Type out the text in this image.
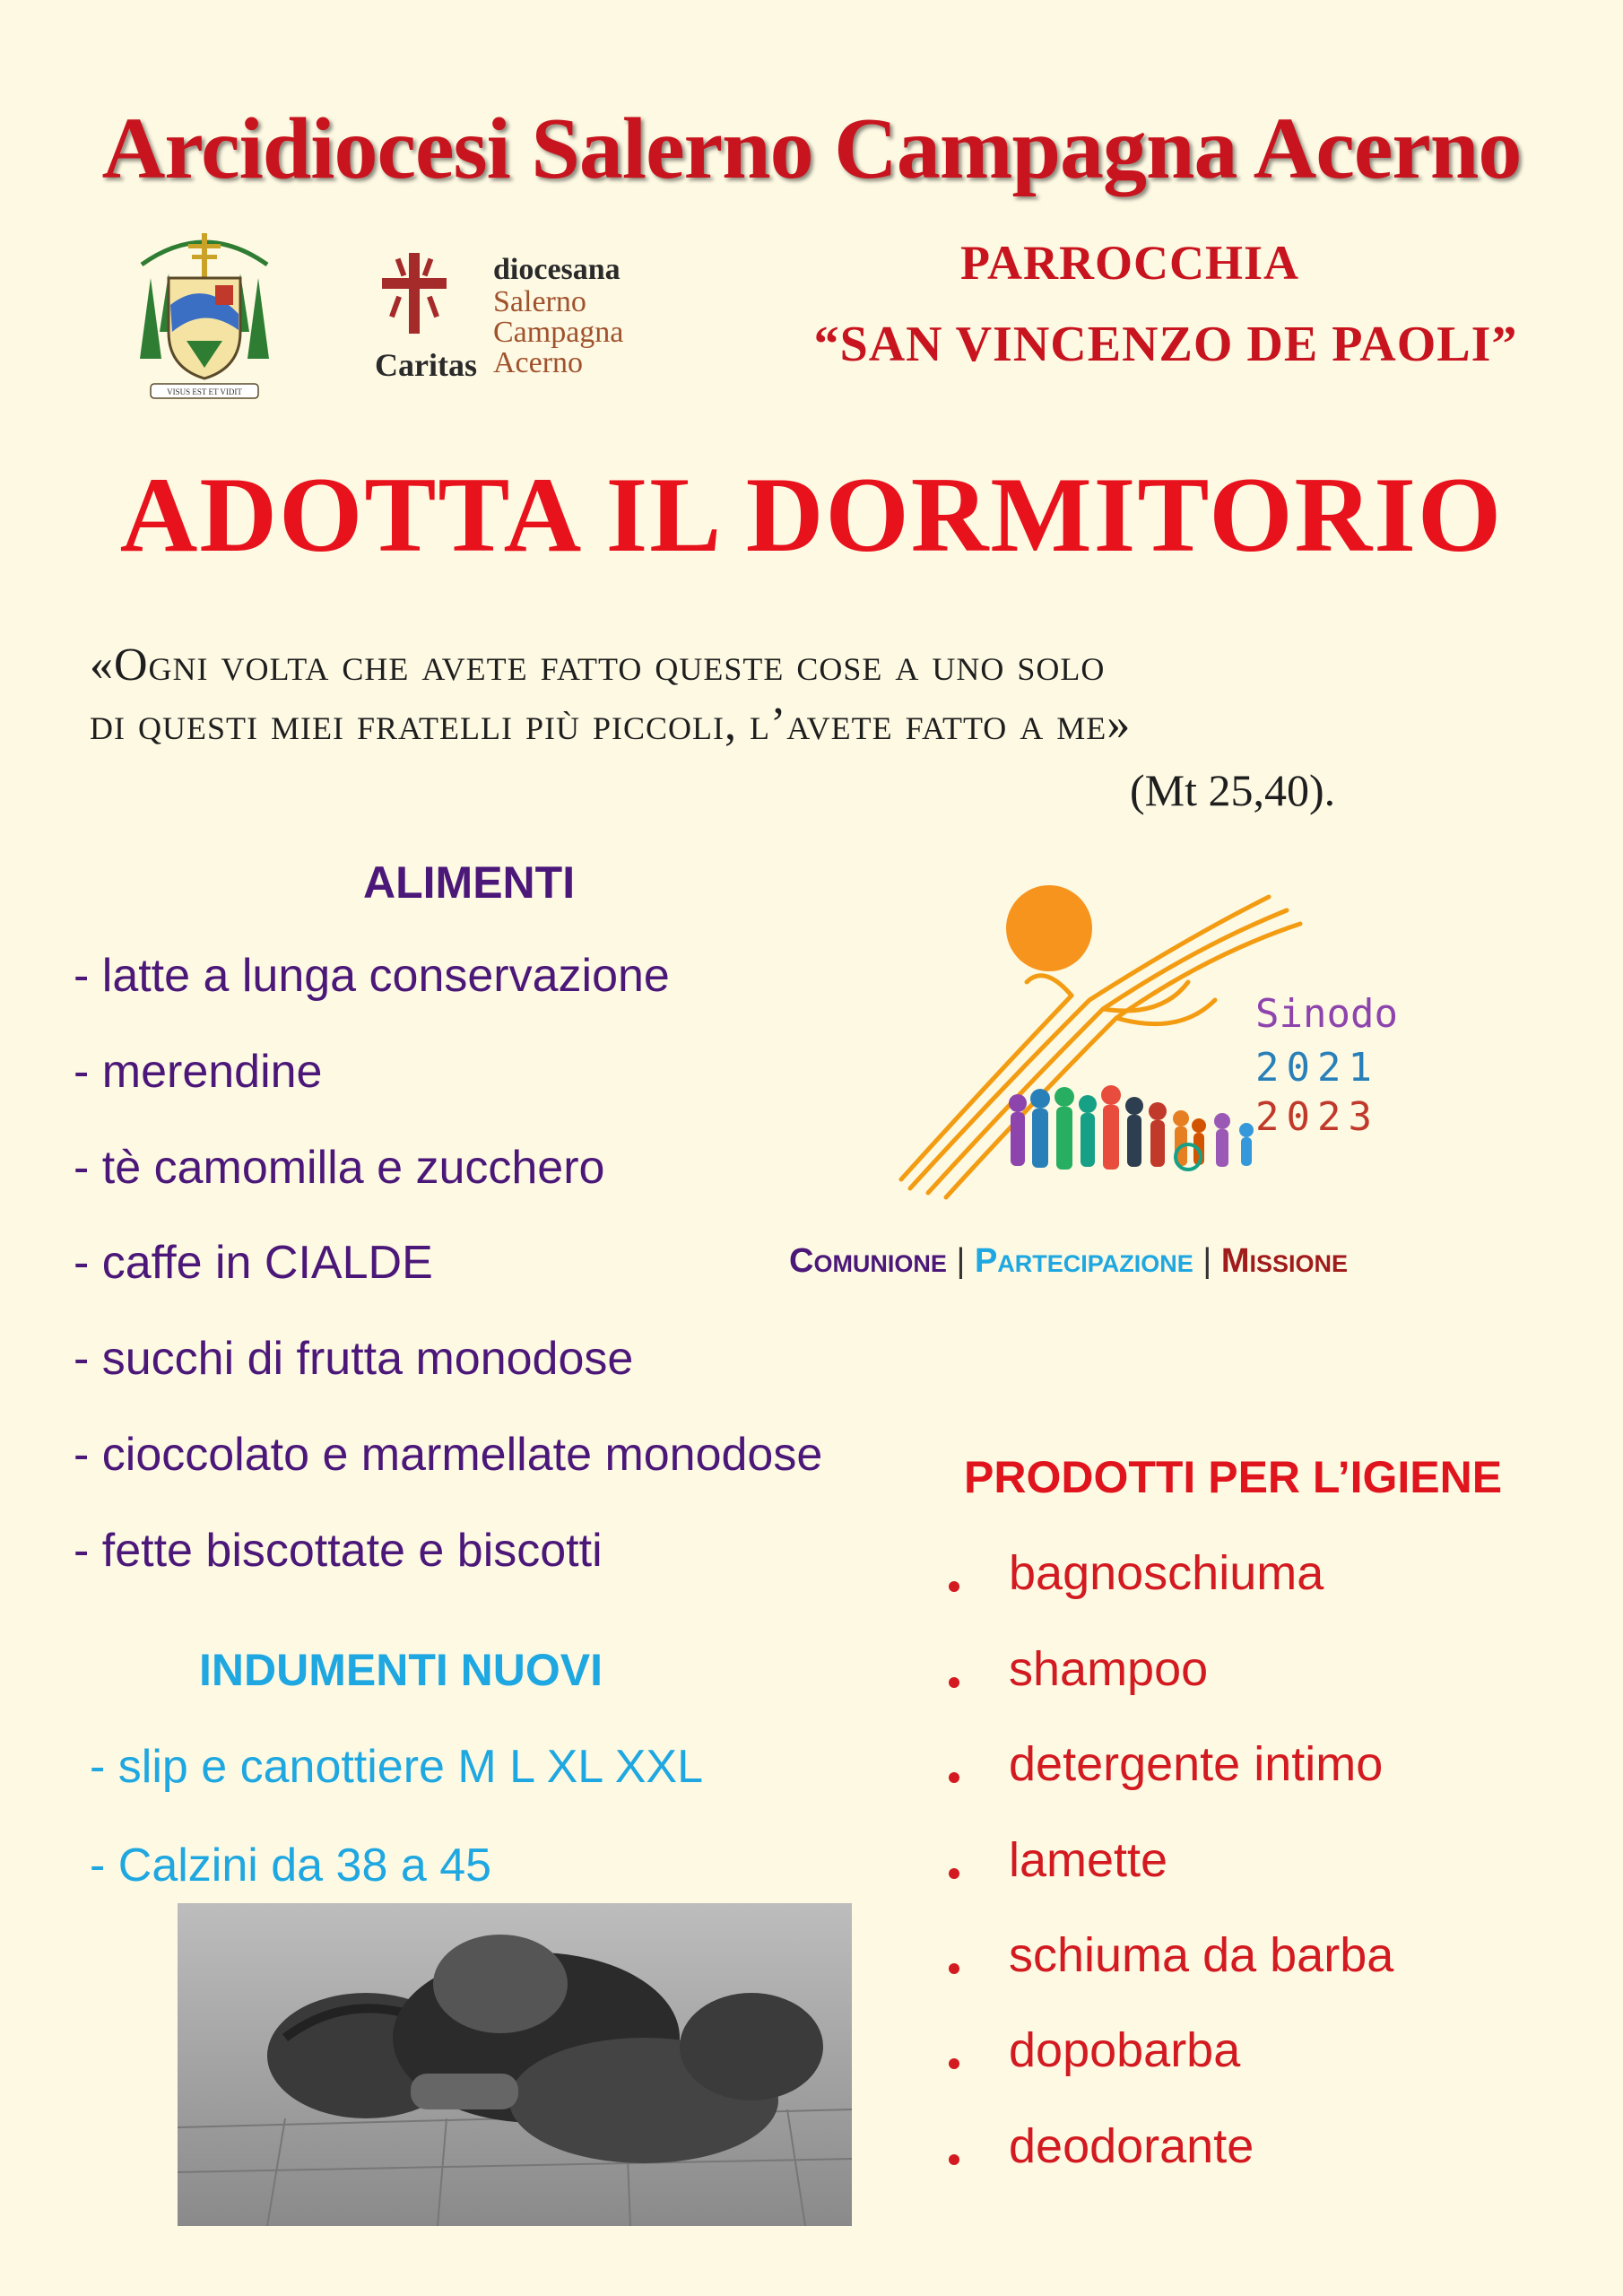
Arcidiocesi Salerno Campagna Acerno
VISUS EST ET VIDIT
diocesana
Salerno
Campagna
Acerno
Caritas
PARROCCHIA
“SAN VINCENZO DE PAOLI”
ADOTTA IL DORMITORIO
«Ogni volta che avete fatto queste cose a uno solo
di questi miei fratelli più piccoli, l’avete fatto a me»
(Mt 25,40).
ALIMENTI
- latte a lunga conservazione
- merendine
- tè camomilla e zucchero
- caffe in CIALDE
- succhi di frutta monodose
- cioccolato e marmellate monodose
- fette biscottate e biscotti
INDUMENTI NUOVI
- slip e canottiere M L XL XXL
- Calzini da 38 a 45
Sinodo
2021
2023
Comunione | Partecipazione | Missione
PRODOTTI PER L’IGIENE
bagnoschiuma
shampoo
detergente intimo
lamette
schiuma da barba
dopobarba
deodorante
